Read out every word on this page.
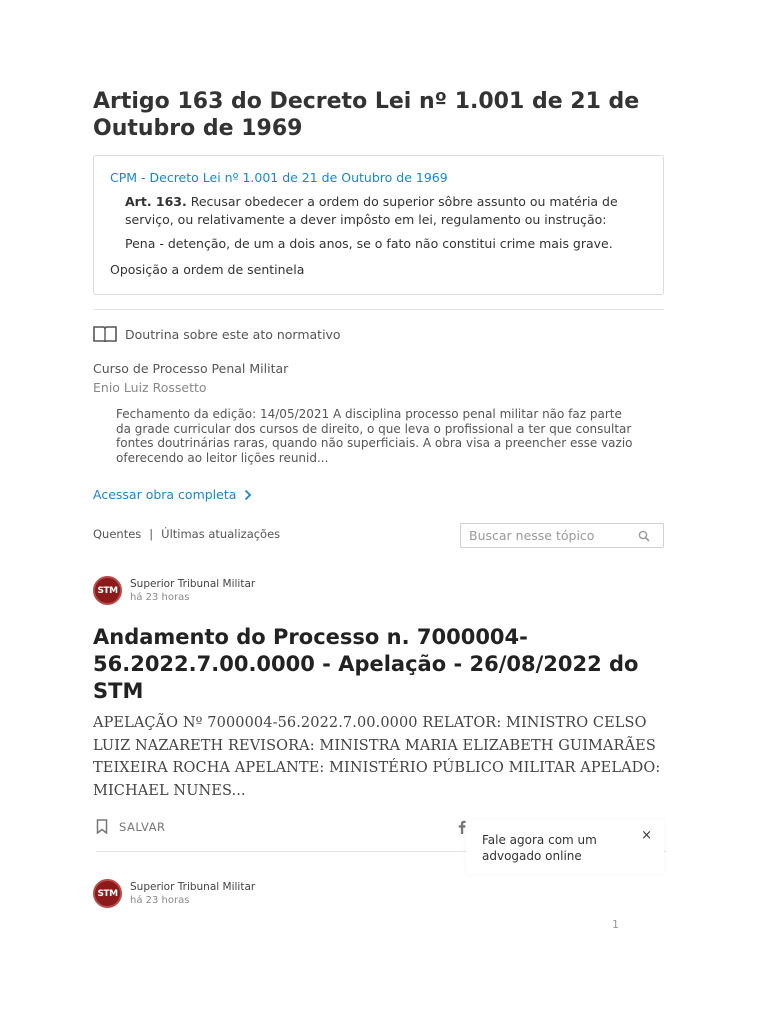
Artigo 163 do Decreto Lei nº 1.001 de 21 de Outubro de 1969
CPM - Decreto Lei nº 1.001 de 21 de Outubro de 1969

Art. 163. Recusar obedecer a ordem do superior sôbre assunto ou matéria de serviço, ou relativamente a dever impôsto em lei, regulamento ou instrução:

Pena - detenção, de um a dois anos, se o fato não constitui crime mais grave.

Oposição a ordem de sentinela

Doutrina sobre este ato normativo
Curso de Processo Penal Militar
Enio Luiz Rossetto

Fechamento da edição: 14/05/2021 A disciplina processo penal militar não faz parte da grade curricular dos cursos de direito, o que leva o profissional a ter que consultar fontes doutrinárias raras, quando não superficiais. A obra visa a preencher esse vazio oferecendo ao leitor lições reunid...

Acessar obra completa
Quentes | Últimas atualizações
Buscar nesse tópico
STM
Superior Tribunal Militar
há 23 horas
Andamento do Processo n. 7000004-56.2022.7.00.0000 - Apelação - 26/08/2022 do STM

APELAÇÃO Nº 7000004-56.2022.7.00.0000 RELATOR: MINISTRO CELSO LUIZ NAZARETH REVISORA: MINISTRA MARIA ELIZABETH GUIMARÃES TEIXEIRA ROCHA APELANTE: MINISTÉRIO PÚBLICO MILITAR APELADO: MICHAEL NUNES...

SALVAR
Fale agora com um advogado online
×
STM
Superior Tribunal Militar
há 23 horas
1
